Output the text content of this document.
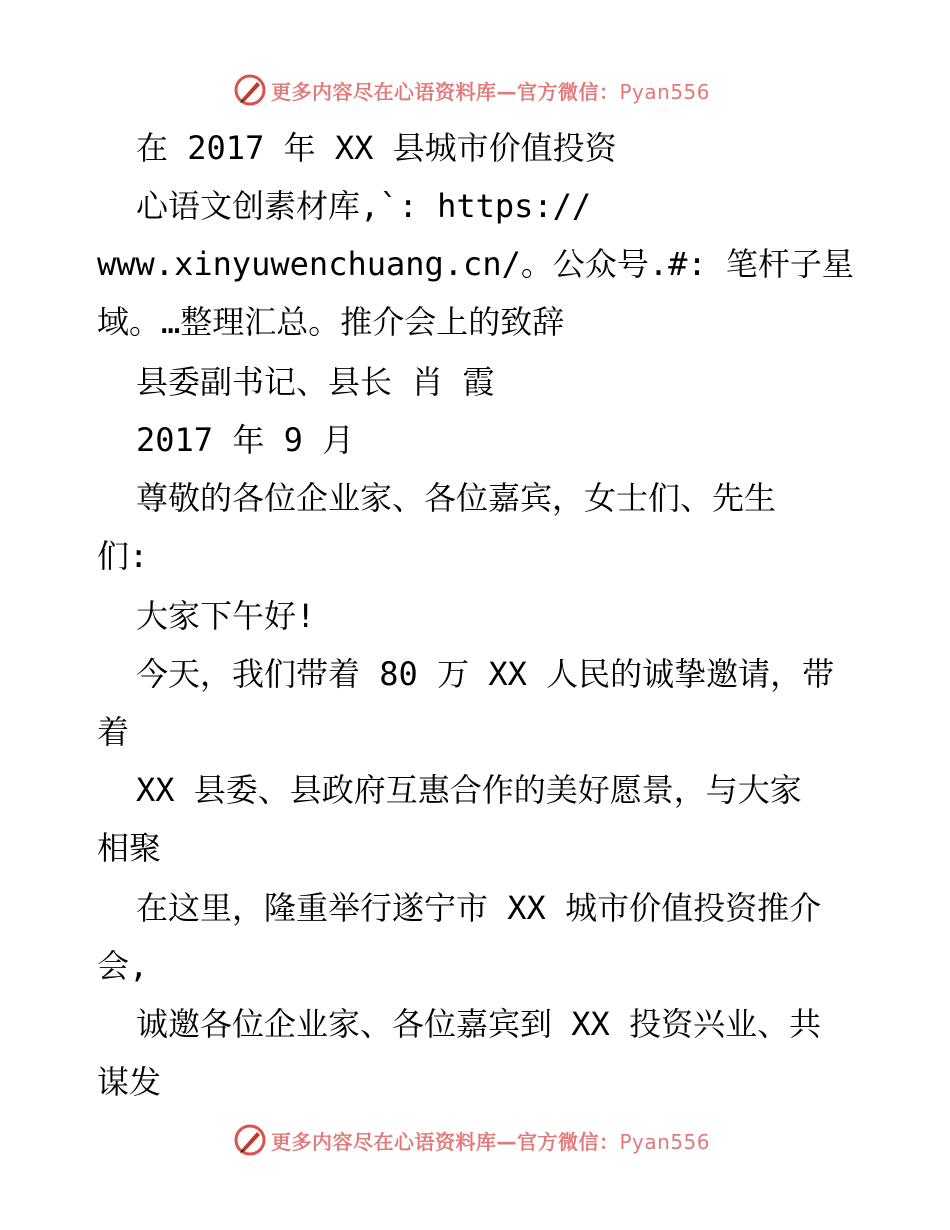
更多内容尽在心语资料库—官方微信：Pyan556
在 2017 年 XX 县城市价值投资
心语文创素材库,`: https://
www.xinyuwenchuang.cn/。公众号.#: 笔杆子星
域。…整理汇总。推介会上的致辞
县委副书记、县长 肖 霞
2017 年 9 月
尊敬的各位企业家、各位嘉宾，女士们、先生
们:
大家下午好!
今天，我们带着 80 万 XX 人民的诚挚邀请，带
着
XX 县委、县政府互惠合作的美好愿景，与大家
相聚
在这里，隆重举行遂宁市 XX 城市价值投资推介
会,
诚邀各位企业家、各位嘉宾到 XX 投资兴业、共
谋发
更多内容尽在心语资料库—官方微信：Pyan556
